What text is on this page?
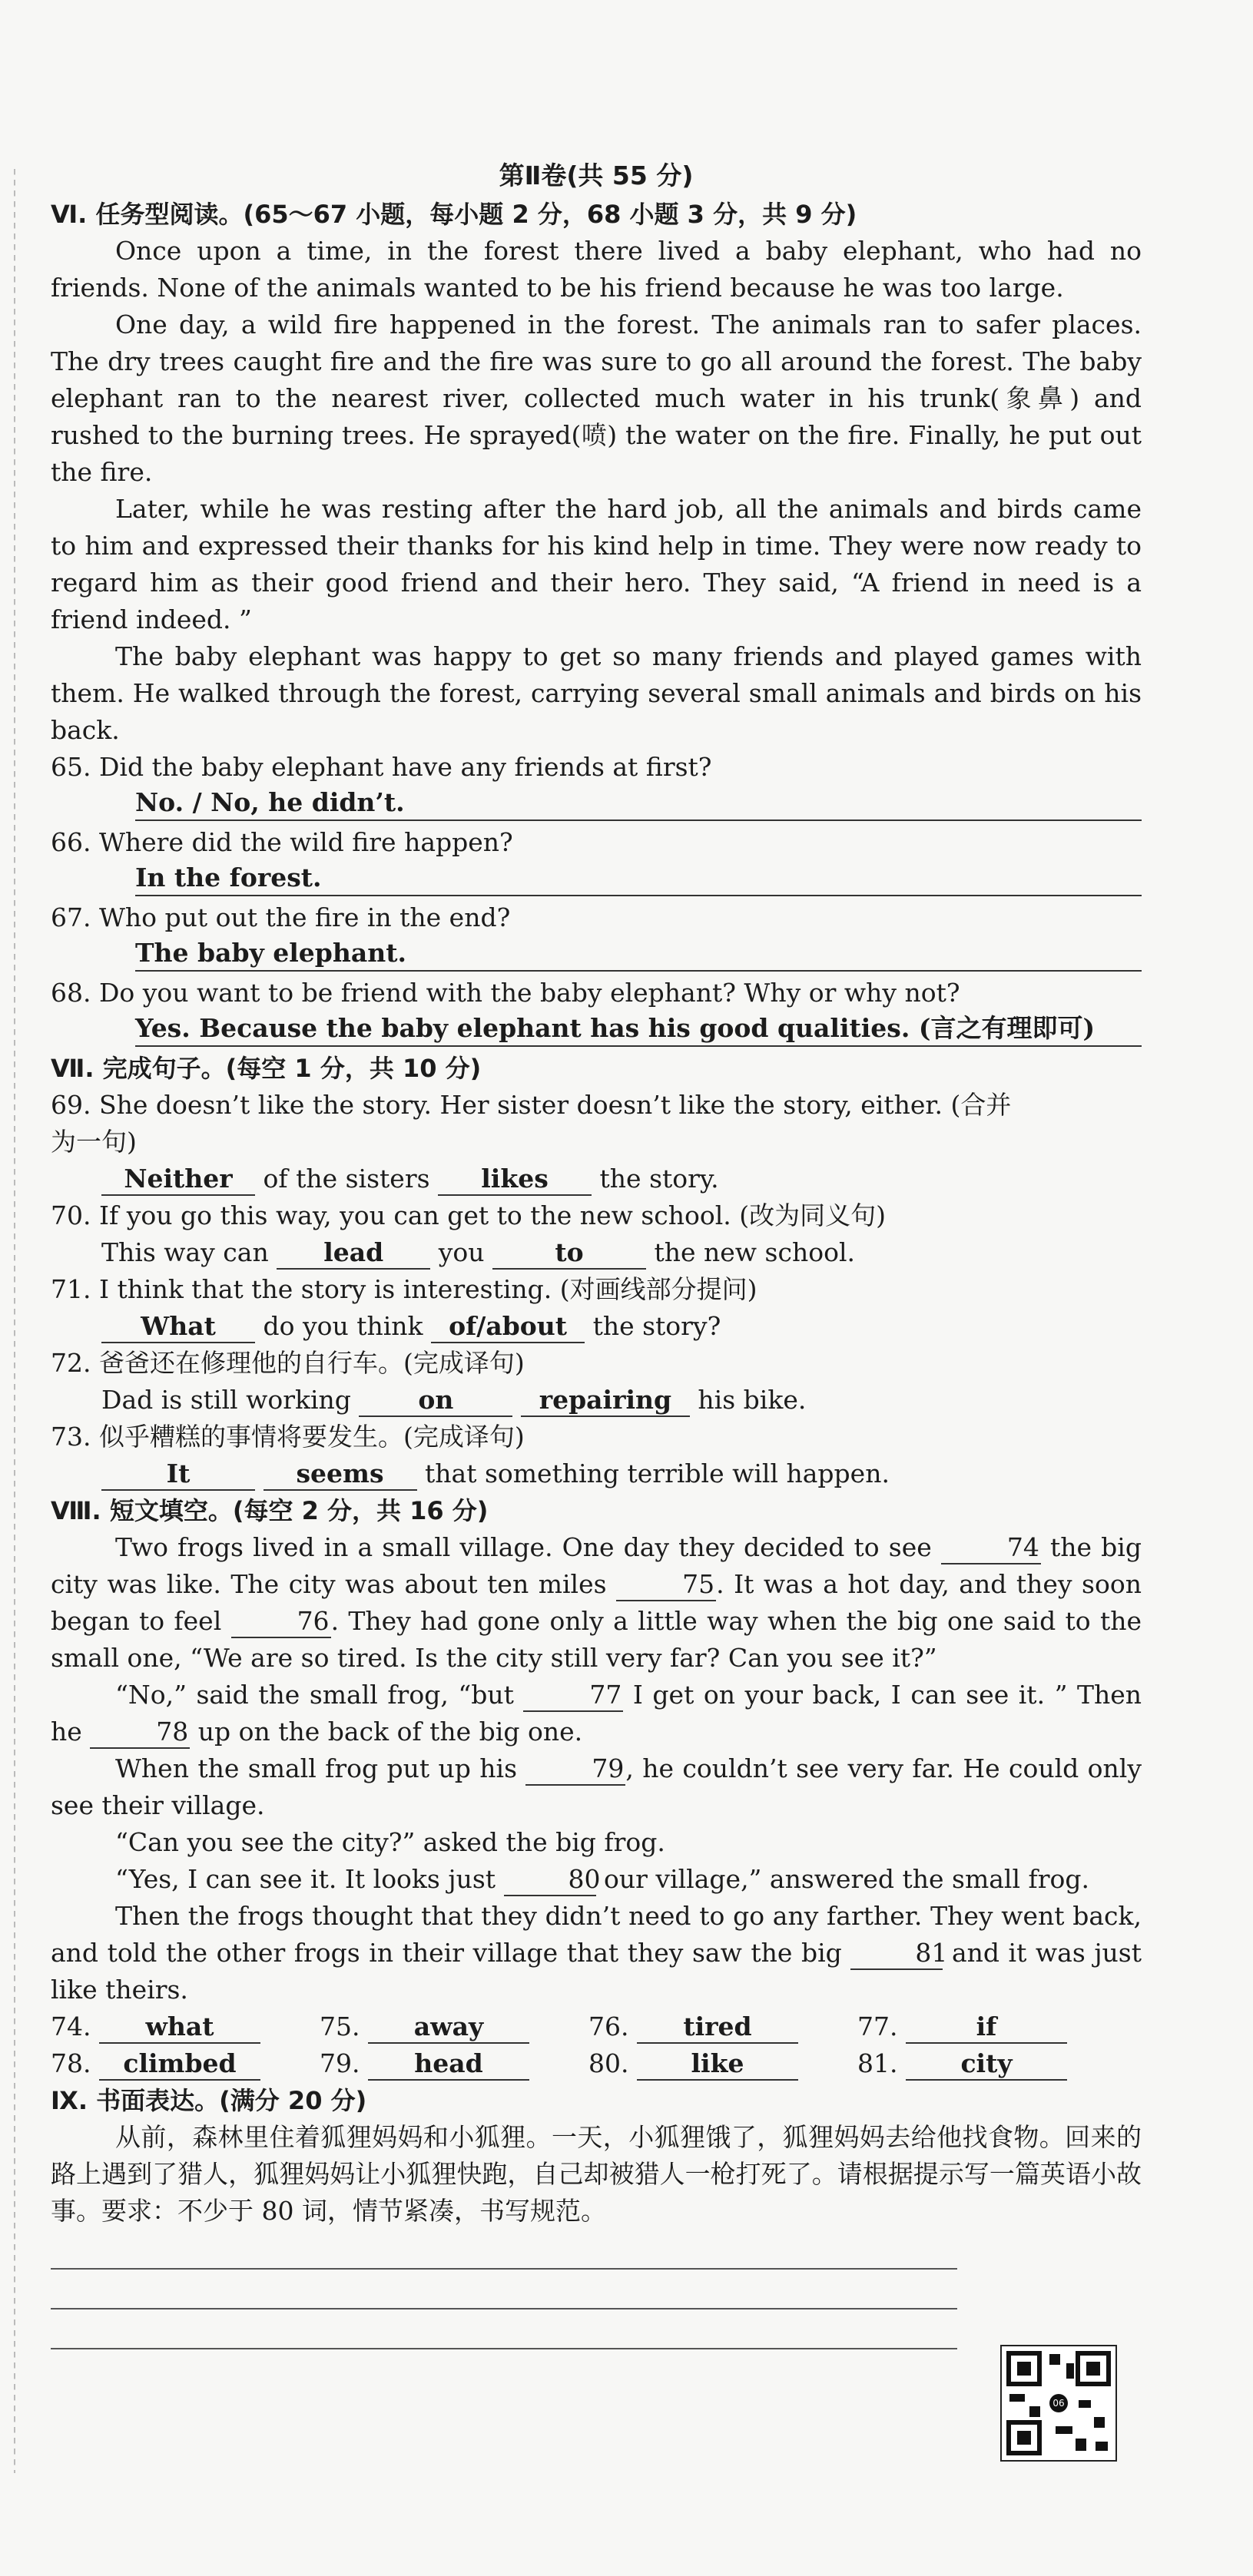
第Ⅱ卷(共 55 分)
Ⅵ. 任务型阅读。(65～67 小题，每小题 2 分，68 小题 3 分，共 9 分)
Once upon a time, in the forest there lived a baby elephant, who had no friends. None of the animals wanted to be his friend because he was too large.
One day, a wild fire happened in the forest. The animals ran to safer places. The dry trees caught fire and the fire was sure to go all around the forest. The baby elephant ran to the nearest river, collected much water in his trunk(象鼻) and rushed to the burning trees. He sprayed(喷) the water on the fire. Finally, he put out the fire.
Later, while he was resting after the hard job, all the animals and birds came to him and expressed their thanks for his kind help in time. They were now ready to regard him as their good friend and their hero. They said, “A friend in need is a friend indeed. ”
The baby elephant was happy to get so many friends and played games with them. He walked through the forest, carrying several small animals and birds on his back.
65. Did the baby elephant have any friends at first?
No. / No, he didn’t.
66. Where did the wild fire happen?
In the forest.
67. Who put out the fire in the end?
The baby elephant.
68. Do you want to be friend with the baby elephant? Why or why not?
Yes. Because the baby elephant has his good qualities. (言之有理即可)
Ⅶ. 完成句子。(每空 1 分，共 10 分)
69. She doesn’t like the story. Her sister doesn’t like the story, either. (合并
为一句)
Neither of the sisters likes the story.
70. If you go this way, you can get to the new school. (改为同义句)
This way can lead you	to	the new school.
71. I think that the story is interesting. (对画线部分提问)
What do you think of/about the story?
72. 爸爸还在修理他的自行车。(完成译句)
Dad is still working	on	repairing his bike.
73. 似乎糟糕的事情将要发生。(完成译句)
It	seems that something terrible will happen.
Ⅷ. 短文填空。(每空 2 分，共 16 分)
Two frogs lived in a small village. One day they decided to see	74 the big city was like. The city was about ten miles	75. It was a hot day, and they soon began to feel	76. They had gone only a little way when the big one said to the small one, “We are so tired. Is the city still very far? Can you see it?”
“No,” said the small frog, “but	77 I get on your back, I can see it. ” Then he	78 up on the back of the big one.
When the small frog put up his	79, he couldn’t see very far. He could only see their village.
“Can you see the city?” asked the big frog.
“Yes, I can see it. It looks just	80 our village,” answered the small frog.
Then the frogs thought that they didn’t need to go any farther. They went back, and told the other frogs in their village that they saw the big	81 and it was just like theirs.
74. what	75. away	76. tired	77.	if
78. climbed	79. head	80. like	81. city
Ⅸ. 书面表达。(满分 20 分)
从前，森林里住着狐狸妈妈和小狐狸。一天，小狐狸饿了，狐狸妈妈去给他找食物。回来的路上遇到了猎人，狐狸妈妈让小狐狸快跑，自己却被猎人一枪打死了。请根据提示写一篇英语小故事。要求：不少于 80 词，情节紧凑，书写规范。
06
